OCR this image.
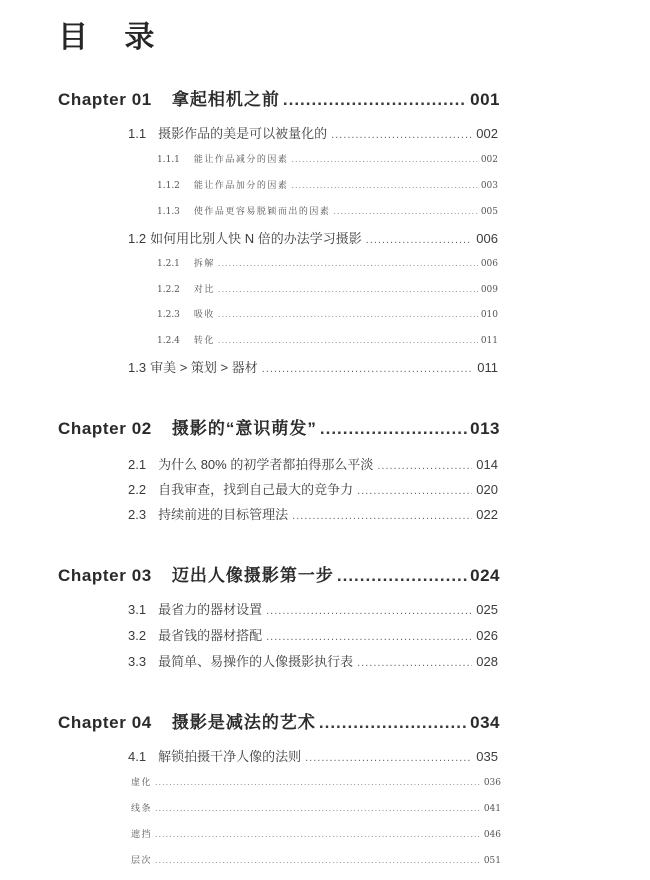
目 录
Chapter 01 拿起相机之前 .....	001
1.1 摄影作品的美是可以被量化的 .....	002
1.1.1 能让作品减分的因素 .....	002
1.1.2 能让作品加分的因素 .....	003
1.1.3 使作品更容易脱颖而出的因素 .....	005
1.2 如何用比别人快 N 倍的办法学习摄影 .....	006
1.2.1 拆解 .....	006
1.2.2 对比 .....	009
1.2.3 吸收 .....	010
1.2.4 转化 .....	011
1.3 审美 > 策划 > 器材 .....	011
Chapter 02 摄影的“意识萌发” .....	013
2.1 为什么 80% 的初学者都拍得那么平淡 .....	014
2.2 自我审查，找到自己最大的竞争力 .....	020
2.3 持续前进的目标管理法 .....	022
Chapter 03 迈出人像摄影第一步 .....	024
3.1 最省力的器材设置 .....	025
3.2 最省钱的器材搭配 .....	026
3.3 最简单、易操作的人像摄影执行表 .....	028
Chapter 04 摄影是减法的艺术 .....	034
4.1 解锁拍摄干净人像的法则 .....	035
虚化 .....	036
线条 .....	041
遮挡 .....	046
层次 .....	051
